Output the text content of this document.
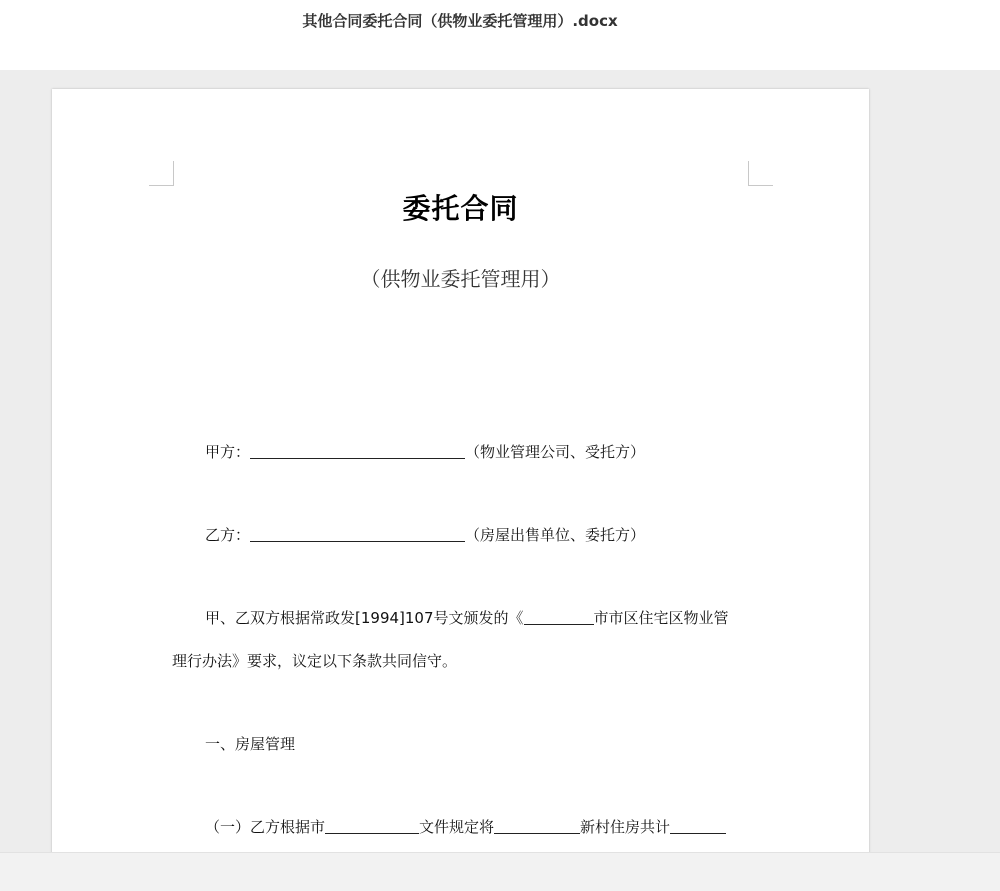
其他合同委托合同（供物业委托管理用）.docx
委托合同
（供物业委托管理用）
甲方：	（物业管理公司、受托方）
乙方：	（房屋出售单位、委托方）
甲、乙双方根据常政发[1994]107号文颁发的《	市市区住宅区物业管
理行办法》要求，议定以下条款共同信守。
一、房屋管理
（一）乙方根据市	文件规定将	新村住房共计
